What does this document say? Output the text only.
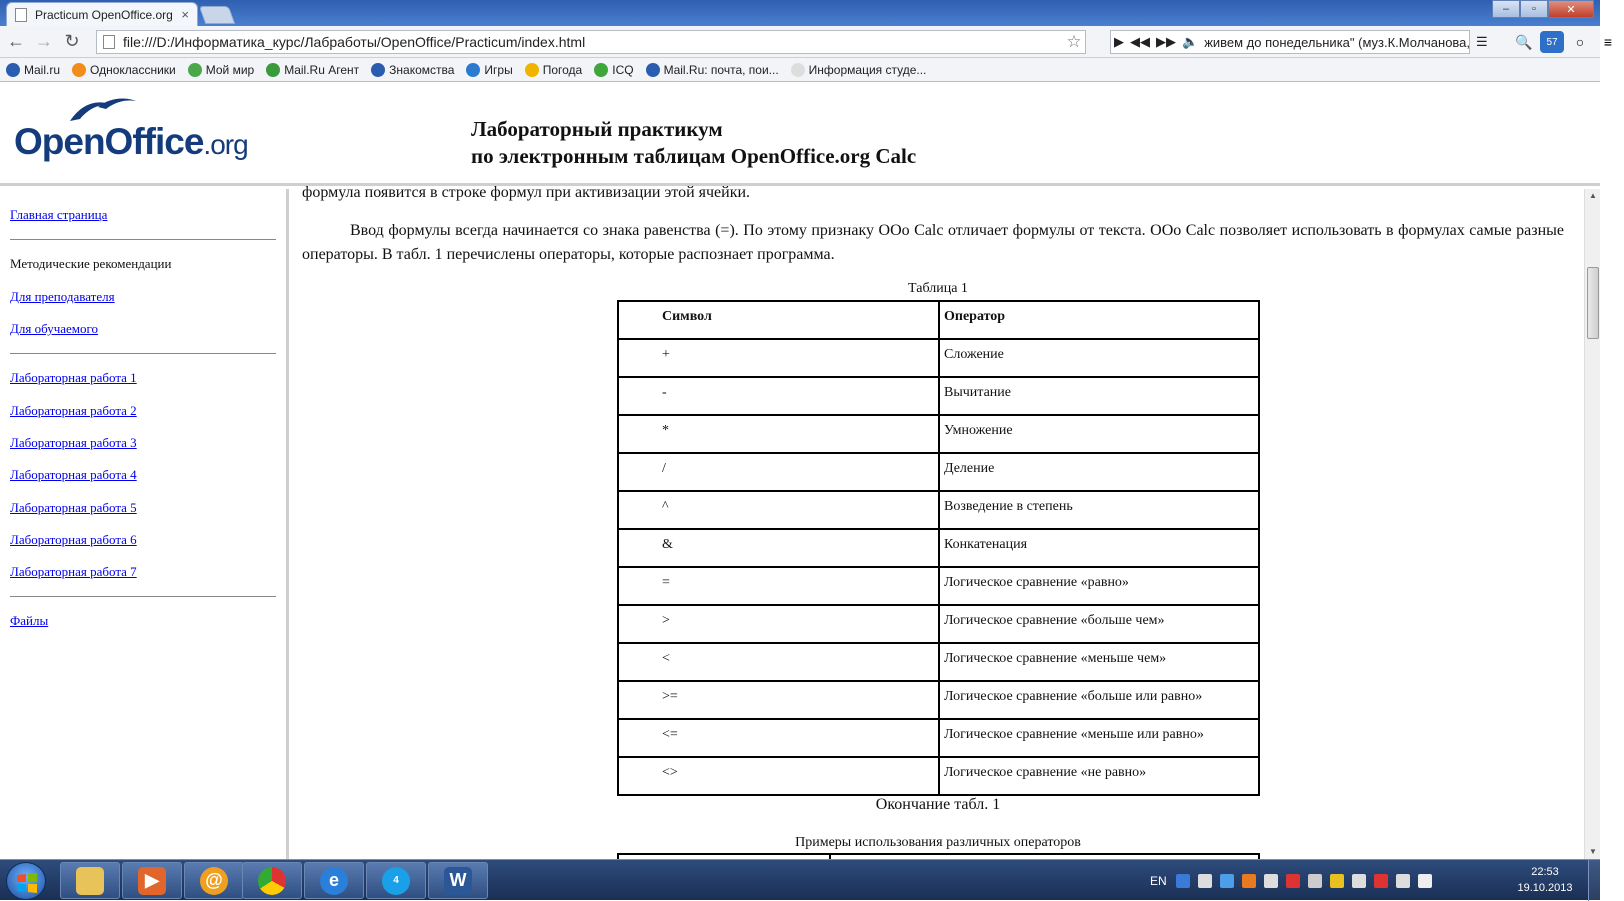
Practicum OpenOffice.org ×	–	▫	✕
← → ↻	file:///D:/Информатика_курс/Лабработы/OpenOffice/Practicum/index.html	☆ ▶ ◀◀ ▶▶ 🔈 живем до понедельника" (муз.К.Молчанова, ☰ 🔍	57	○	≡
Mail.ru	Одноклассники	Мой мир	Mail.Ru Агент	Знакомства	Игры	Погода	ICQ	Mail.Ru: почта, пои...	Информация студе...
OpenOffice.org	Лабораторный практикум
по электронным таблицам OpenOffice.org Calc
Главная страница
Методические рекомендации
Для преподавателя
Для обучаемого
Лабораторная работа 1
Лабораторная работа 2
Лабораторная работа 3
Лабораторная работа 4
Лабораторная работа 5
Лабораторная работа 6
Лабораторная работа 7
Файлы
формула появится в строке формул при активизации этой ячейки.
Ввод формулы всегда начинается со знака равенства (=). По этому признаку OOo Calc отличает формулы от текста. OOo Calc позволяет использовать в формулах самые разные операторы. В табл. 1 перечислены операторы, которые распознает программа.
Таблица 1
Символ	Оператор
+	Сложение
-	Вычитание
*	Умножение
/	Деление
^	Возведение в степень
&	Конкатенация
=	Логическое сравнение «равно»
>	Логическое сравнение «больше чем»
<	Логическое сравнение «меньше чем»
>=	Логическое сравнение «больше или равно»
<=	Логическое сравнение «меньше или равно»
<>	Логическое сравнение «не равно»
Окончание табл. 1
Примеры использования различных операторов
▲
▼
▶	@	e	4	W	EN
22:53
19.10.2013
